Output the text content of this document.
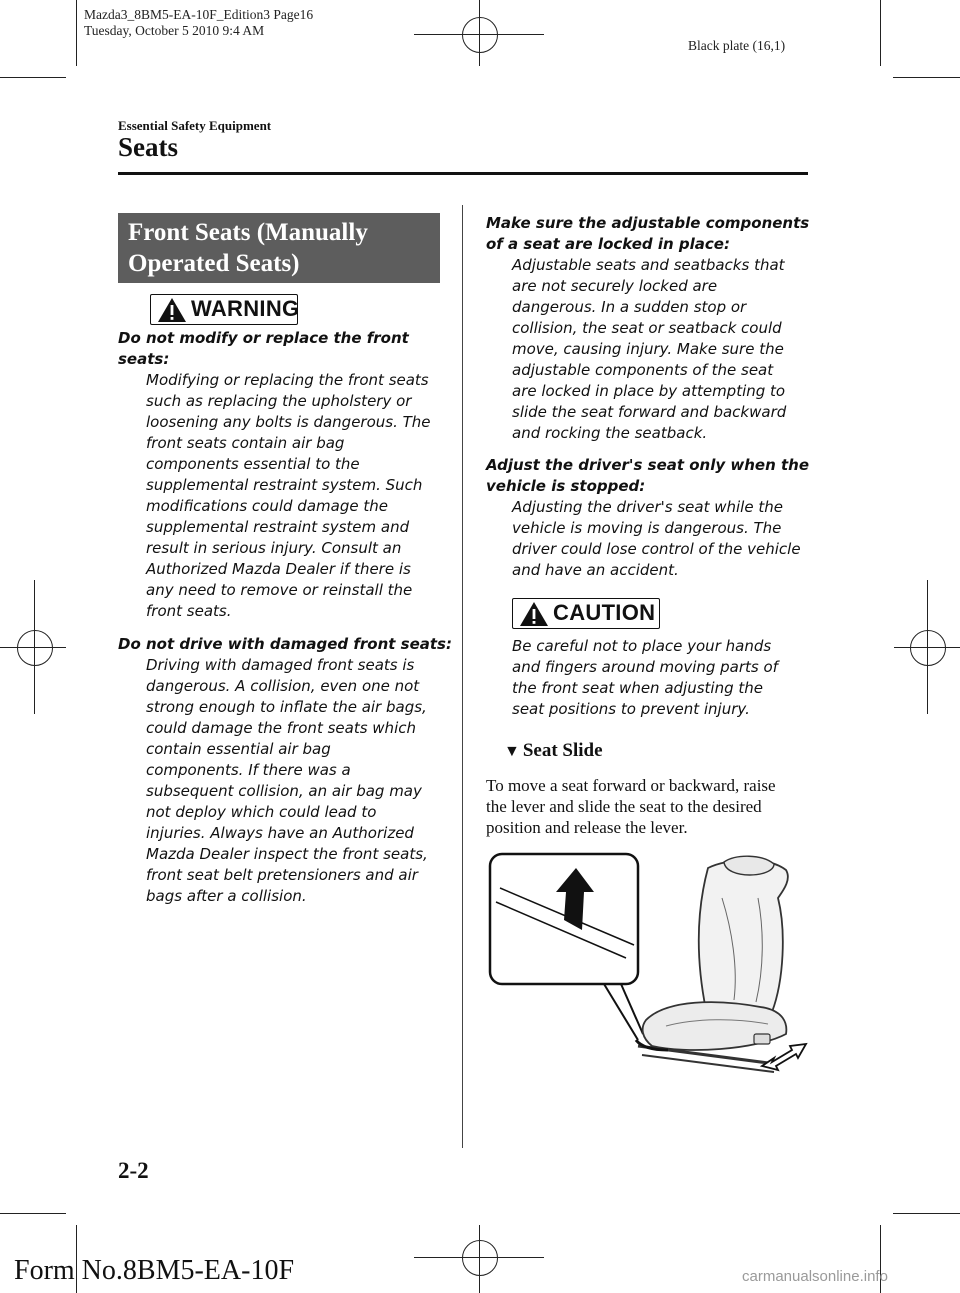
Mazda3_8BM5-EA-10F_Edition3 Page16
Tuesday, October 5 2010 9:4 AM
Black plate (16,1)
Essential Safety Equipment
Seats
Front Seats (Manually
Operated Seats)
WARNING
Do not modify or replace the front
seats:
Modifying or replacing the front seats
such as replacing the upholstery or
loosening any bolts is dangerous. The
front seats contain air bag
components essential to the
supplemental restraint system. Such
modifications could damage the
supplemental restraint system and
result in serious injury. Consult an
Authorized Mazda Dealer if there is
any need to remove or reinstall the
front seats.
Do not drive with damaged front seats:
Driving with damaged front seats is
dangerous. A collision, even one not
strong enough to inflate the air bags,
could damage the front seats which
contain essential air bag
components. If there was a
subsequent collision, an air bag may
not deploy which could lead to
injuries. Always have an Authorized
Mazda Dealer inspect the front seats,
front seat belt pretensioners and air
bags after a collision.
Make sure the adjustable components
of a seat are locked in place:
Adjustable seats and seatbacks that
are not securely locked are
dangerous. In a sudden stop or
collision, the seat or seatback could
move, causing injury. Make sure the
adjustable components of the seat
are locked in place by attempting to
slide the seat forward and backward
and rocking the seatback.
Adjust the driver's seat only when the
vehicle is stopped:
Adjusting the driver's seat while the
vehicle is moving is dangerous. The
driver could lose control of the vehicle
and have an accident.
CAUTION
Be careful not to place your hands
and fingers around moving parts of
the front seat when adjusting the
seat positions to prevent injury.
▼ Seat Slide
To move a seat forward or backward, raise
the lever and slide the seat to the desired
position and release the lever.
2-2
Form No.8BM5-EA-10F	carmanualsonline.info
